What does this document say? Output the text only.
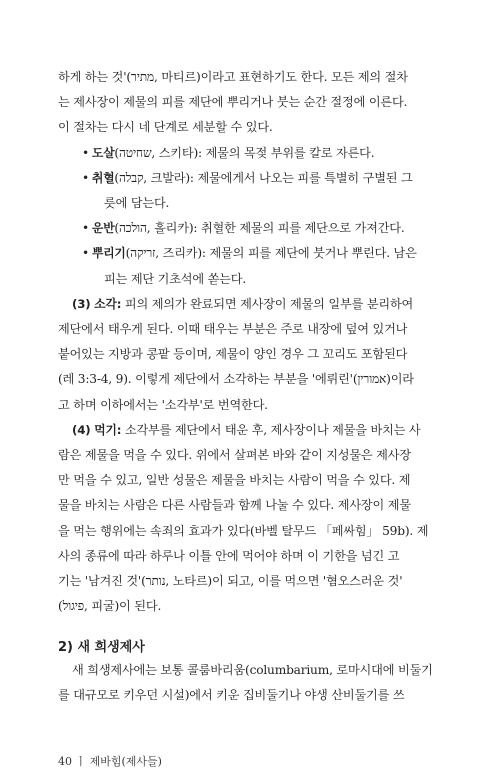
하게 하는 것'(מתיר, 마티르)이라고 표현하기도 한다. 모든 제의 절차
는 제사장이 제물의 피를 제단에 뿌리거나 붓는 순간 절정에 이른다.
이 절차는 다시 네 단계로 세분할 수 있다.
• 도살(שחיטה, 스키타): 제물의 목젖 부위를 칼로 자른다.
• 취혈(קבלה, 크발라): 제물에게서 나오는 피를 특별히 구별된 그
릇에 담는다.
• 운반(הולכה, 홀리카): 취혈한 제물의 피를 제단으로 가져간다.
• 뿌리기(זריקה, 즈리카): 제물의 피를 제단에 붓거나 뿌린다. 남은
피는 제단 기초석에 쏟는다.
(3) 소각: 피의 제의가 완료되면 제사장이 제물의 일부를 분리하여
제단에서 태우게 된다. 이때 태우는 부분은 주로 내장에 덮여 있거나
붙어있는 지방과 콩팥 등이며, 제물이 양인 경우 그 꼬리도 포함된다
(레 3:3-4, 9). 이렇게 제단에서 소각하는 부분을 '에뤼린'(אמורין)이라
고 하며 이하에서는 '소각부'로 번역한다.
(4) 먹기: 소각부를 제단에서 태운 후, 제사장이나 제물을 바치는 사
람은 제물을 먹을 수 있다. 위에서 살펴본 바와 같이 지성물은 제사장
만 먹을 수 있고, 일반 성물은 제물을 바치는 사람이 먹을 수 있다. 제
물을 바치는 사람은 다른 사람들과 함께 나눌 수 있다. 제사장이 제물
을 먹는 행위에는 속죄의 효과가 있다(바벨 탈무드 「페싸힘」 59b). 제
사의 종류에 따라 하루나 이틀 안에 먹어야 하며 이 기한을 넘긴 고
기는 '남겨진 것'(נותר, 노타르)이 되고, 이를 먹으면 '혐오스러운 것'
(פיגול, 피굴)이 된다.
40 ㅣ 제바힘(제사들)
2) 새 희생제사
새 희생제사에는 보통 콜룸바리움(columbarium, 로마시대에 비둘기
를 대규모로 키우던 시설)에서 키운 집비둘기나 야생 산비둘기를 쓰
